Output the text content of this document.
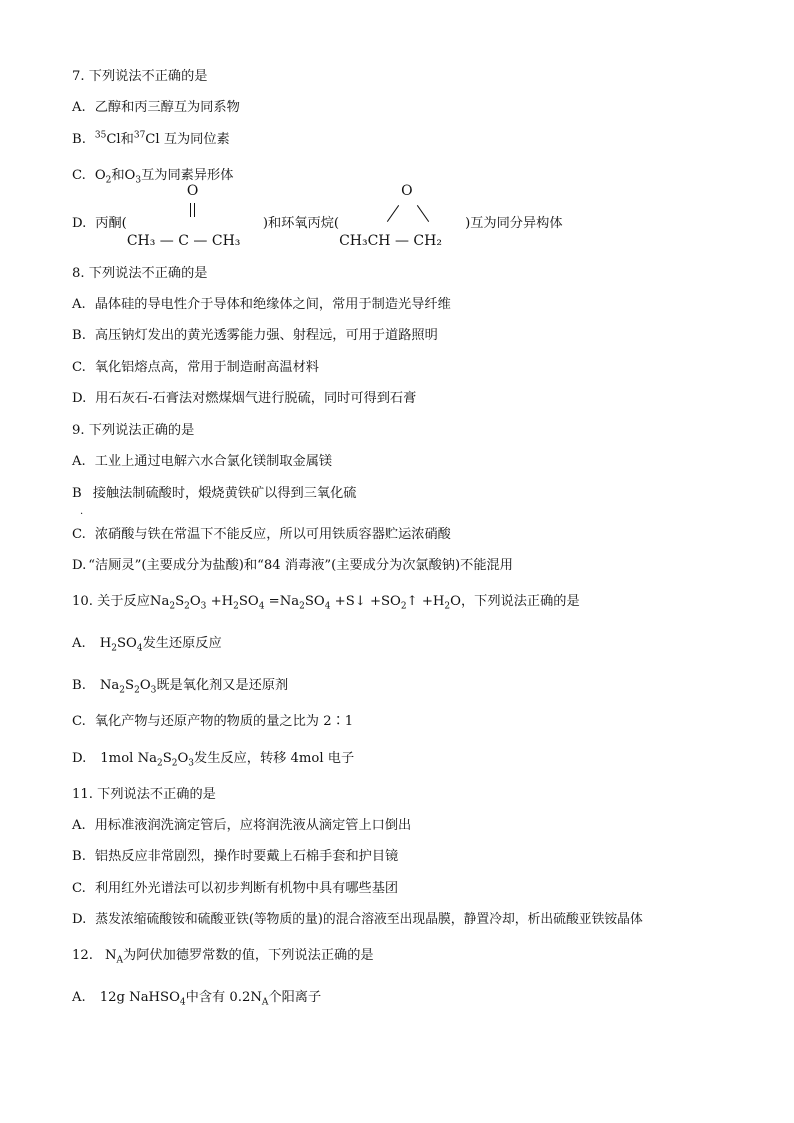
7. 下列说法不正确的是
A. 乙醇和丙三醇互为同系物
B. $^{35}$Cl和$^{37}$Cl 互为同位素
C. $O_2$和$O_3$互为同素异形体
D. 丙酮(
O
CH₃ — C — CH₃
)和环氧丙烷(
O
CH₃CH — CH₂
)互为同分异构体
8. 下列说法不正确的是
A. 晶体硅的导电性介于导体和绝缘体之间，常用于制造光导纤维
B. 高压钠灯发出的黄光透雾能力强、射程远，可用于道路照明
C. 氧化铝熔点高，常用于制造耐高温材料
D. 用石灰石-石膏法对燃煤烟气进行脱硫，同时可得到石膏
9. 下列说法正确的是
A. 工业上通过电解六水合氯化镁制取金属镁
B 接触法制硫酸时，煅烧黄铁矿以得到三氧化硫
.
C. 浓硝酸与铁在常温下不能反应，所以可用铁质容器贮运浓硝酸
D. “洁厕灵”(主要成分为盐酸)和“84 消毒液”(主要成分为次氯酸钠)不能混用
10. 关于反应$Na_2S_2O_3 +H_2SO_4 =Na_2SO_4$ +S↓ $+SO_2↑ +H_2O$，下列说法正确的是
A. $H_2SO_4$发生还原反应
B. $Na_2S_2O_3$既是氧化剂又是还原剂
C. 氧化产物与还原产物的物质的量之比为 2∶1
D. 1mol $Na_2S_2O_3$发生反应，转移 4mol 电子
11. 下列说法不正确的是
A. 用标准液润洗滴定管后，应将润洗液从滴定管上口倒出
B. 铝热反应非常剧烈，操作时要戴上石棉手套和护目镜
C. 利用红外光谱法可以初步判断有机物中具有哪些基团
D. 蒸发浓缩硫酸铵和硫酸亚铁(等物质的量)的混合溶液至出现晶膜，静置冷却，析出硫酸亚铁铵晶体
12. $N_A$为阿伏加德罗常数的值，下列说法正确的是
A. 12g NaHSO$_4$中含有 $0.2N_A$个阳离子
